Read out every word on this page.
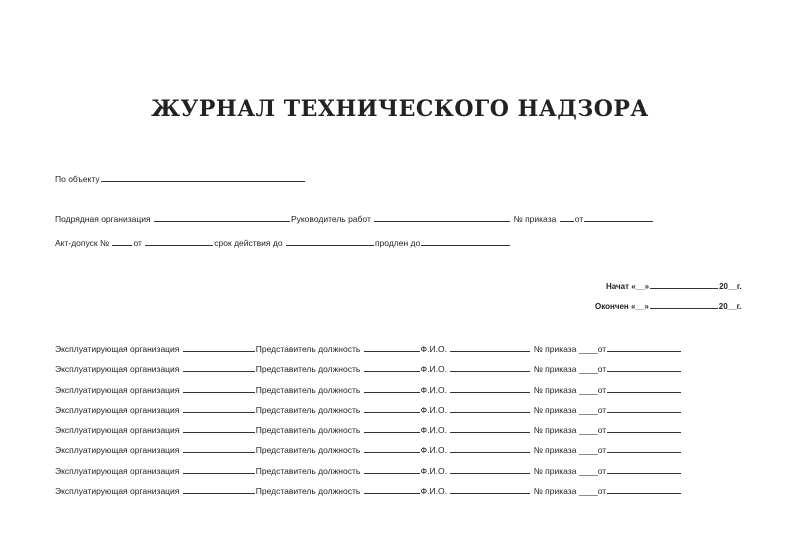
ЖУРНАЛ ТЕХНИЧЕСКОГО НАДЗОРА
По объекту
Подрядная организация	Руководитель работ	№ приказа от
Акт-допуск №	от	срок действия до	продлен до
Начат «__»	20__г.
Окончен «__»	20__г.
Эксплуатирующая организация	Представитель должность	Ф.И.О.	№ приказа ____от
Эксплуатирующая организация	Представитель должность	Ф.И.О.	№ приказа ____от
Эксплуатирующая организация	Представитель должность	Ф.И.О.	№ приказа ____от
Эксплуатирующая организация	Представитель должность	Ф.И.О.	№ приказа ____от
Эксплуатирующая организация	Представитель должность	Ф.И.О.	№ приказа ____от
Эксплуатирующая организация	Представитель должность	Ф.И.О.	№ приказа ____от
Эксплуатирующая организация	Представитель должность	Ф.И.О.	№ приказа ____от
Эксплуатирующая организация	Представитель должность	Ф.И.О.	№ приказа ____от
